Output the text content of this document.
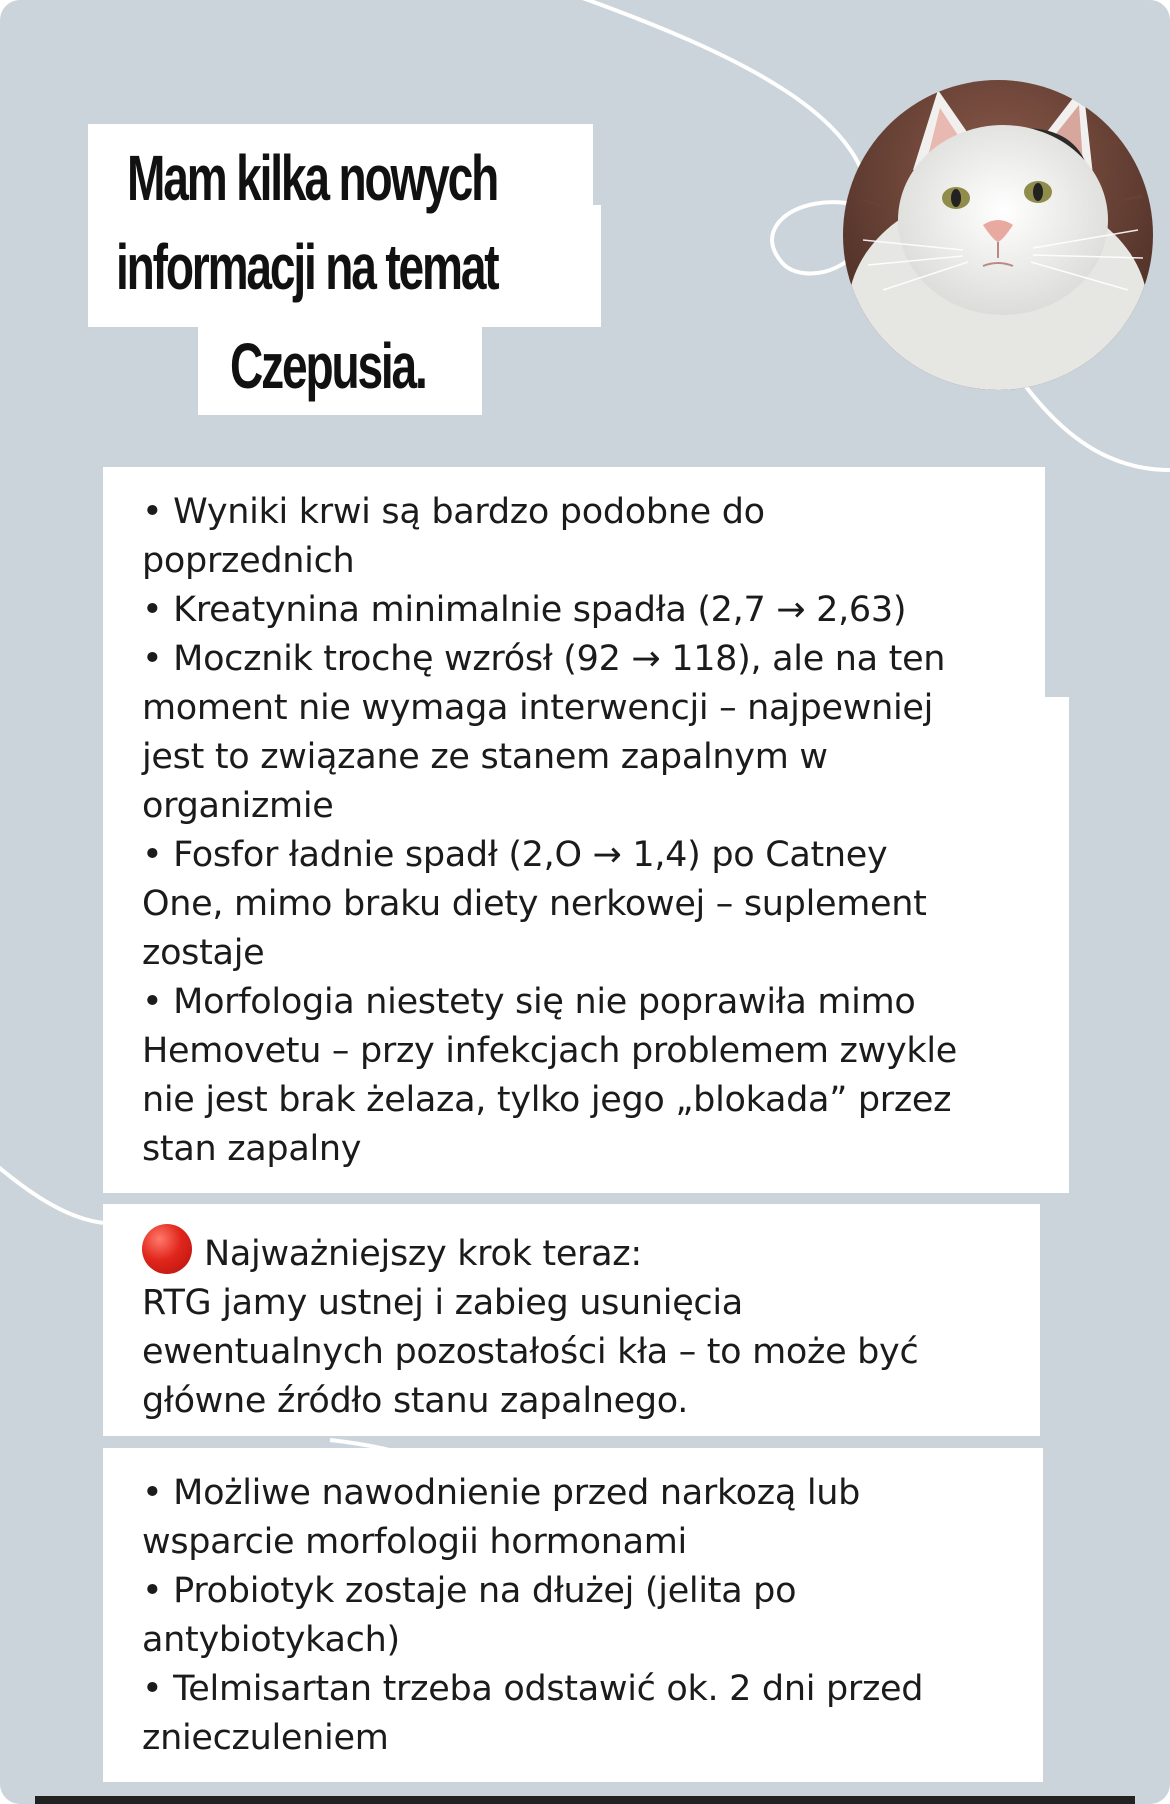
Mam kilka nowych
informacji na temat
Czepusia.

• Wyniki krwi są bardzo podobne do

poprzednich

• Kreatynina minimalnie spadła (2,7 → 2,63)

• Mocznik trochę wzrósł (92 → 118), ale na ten

moment nie wymaga interwencji – najpewniej

jest to związane ze stanem zapalnym w

organizmie

• Fosfor ładnie spadł (2,O → 1,4) po Catney

One, mimo braku diety nerkowej – suplement

zostaje

• Morfologia niestety się nie poprawiła mimo

Hemovetu – przy infekcjach problemem zwykle

nie jest brak żelaza, tylko jego „blokada” przez

stan zapalny

Najważniejszy krok teraz:

RTG jamy ustnej i zabieg usunięcia

ewentualnych pozostałości kła – to może być

główne źródło stanu zapalnego.

• Możliwe nawodnienie przed narkozą lub

wsparcie morfologii hormonami

• Probiotyk zostaje na dłużej (jelita po

antybiotykach)

• Telmisartan trzeba odstawić ok. 2 dni przed

znieczuleniem
